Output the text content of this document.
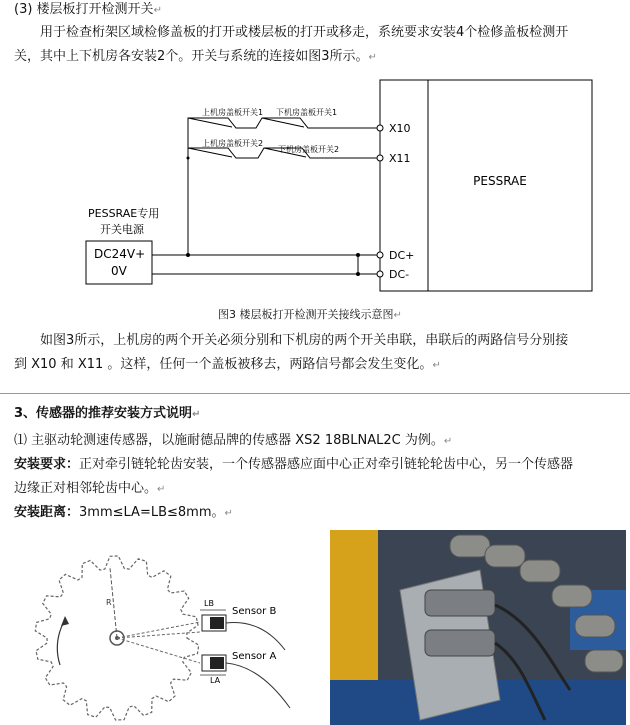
(3) 楼层板打开检测开关↵
用于检查桁架区域检修盖板的打开或楼层板的打开或移走，系统要求安装4个检修盖板检测开
关，其中上下机房各安装2个。开关与系统的连接如图3所示。↵
PESSRAE
X10
X11
DC+
DC-
上机房盖板开关1 下机房盖板开关1
上机房盖板开关2
下机房盖板开关2
PESSRAE专用
开关电源
DC24V+
0V
图3 楼层板打开检测开关接线示意图↵
如图3所示，上机房的两个开关必须分别和下机房的两个开关串联，串联后的两路信号分别接
到 X10 和 X11 。这样，任何一个盖板被移去，两路信号都会发生变化。↵
3、传感器的推荐安装方式说明↵
⑴ 主驱动轮测速传感器，以施耐德品牌的传感器 XS2 18BLNAL2C 为例。↵
安装要求：正对牵引链轮轮齿安装，一个传感器感应面中心正对牵引链轮轮齿中心，另一个传感器
边缘正对相邻轮齿中心。↵
安装距离：3mm≤LA=LB≤8mm。↵
R
Sensor B
LB
Sensor A
LA
